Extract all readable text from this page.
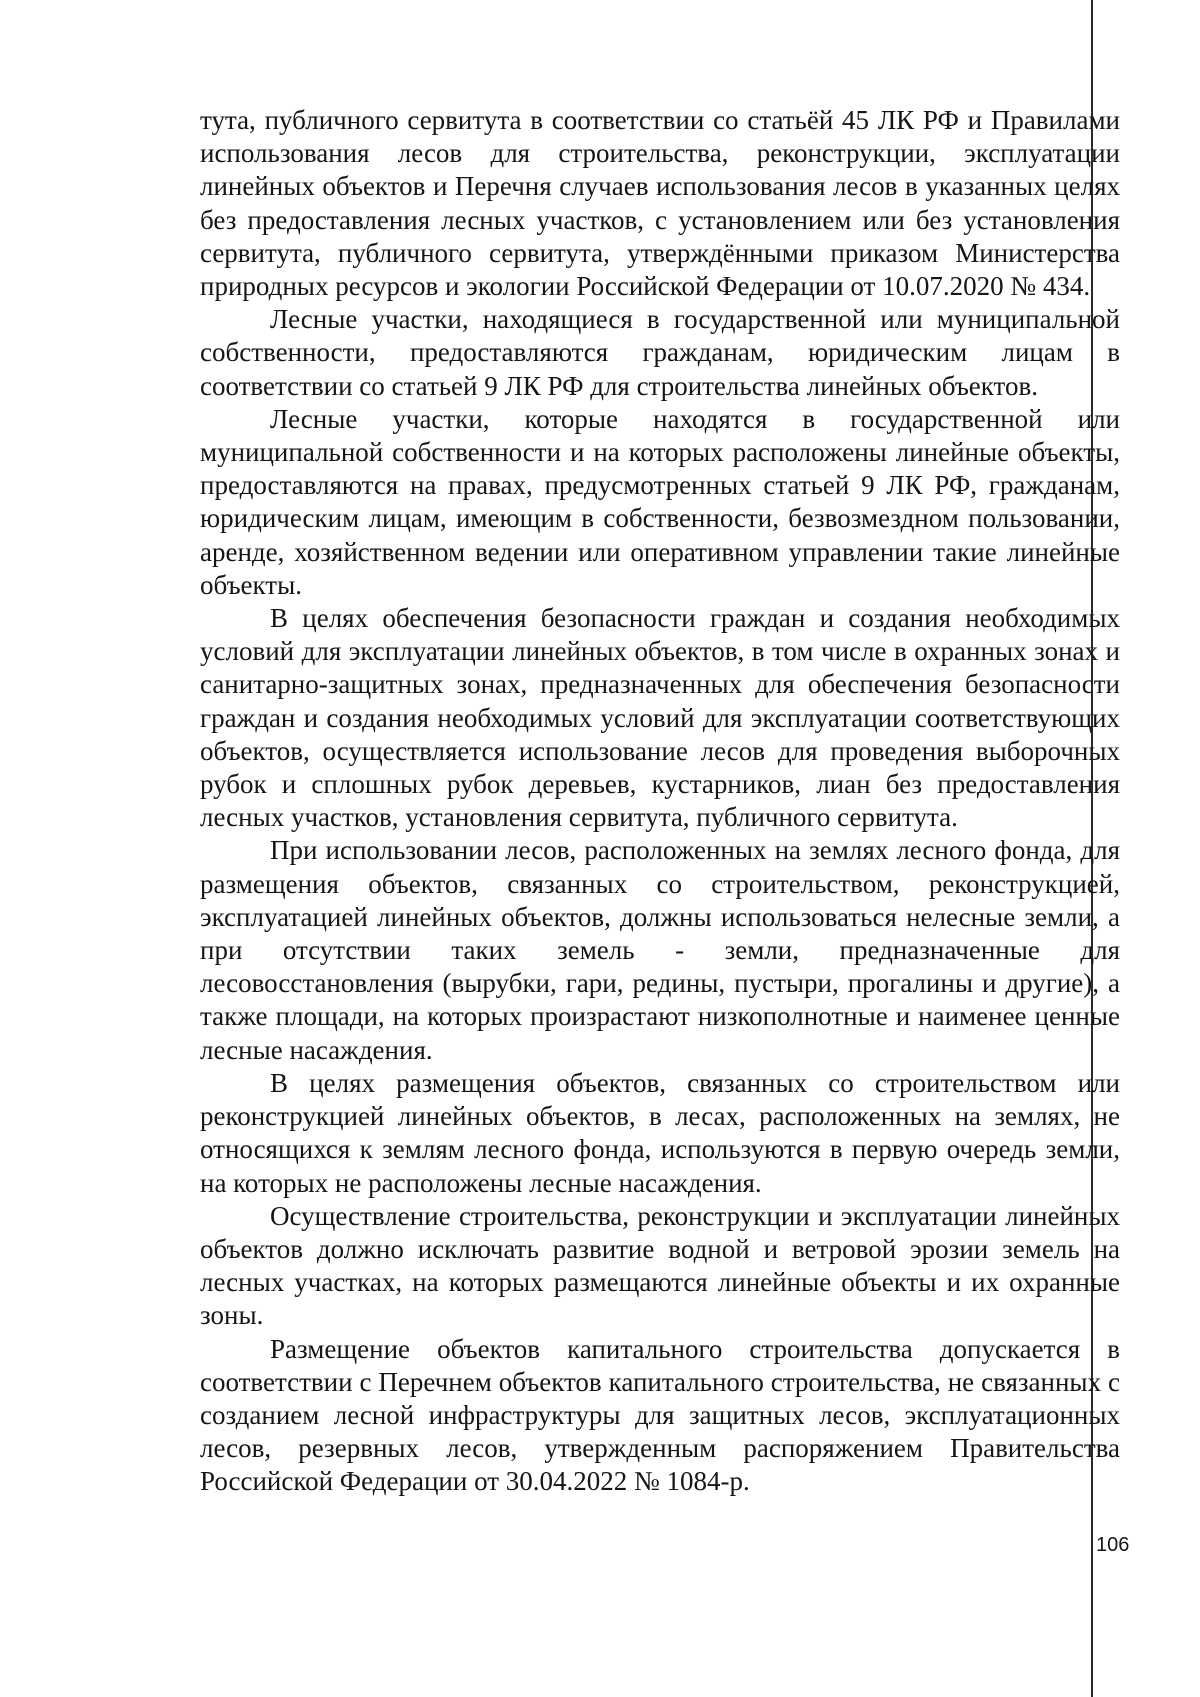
тута, публичного сервитута в соответствии со статьёй 45 ЛК РФ и Правилами использования лесов для строительства, реконструкции, эксплуатации линейных объектов и Перечня случаев использования лесов в указанных целях без предоставления лесных участков, с установлением или без установления сервитута, публичного сервитута, утверждёнными приказом Министерства природных ресурсов и экологии Российской Федерации от 10.07.2020 № 434.

Лесные участки, находящиеся в государственной или муниципальной собственности, предоставляются гражданам, юридическим лицам в соответствии со статьей 9 ЛК РФ для строительства линейных объектов.

Лесные участки, которые находятся в государственной или муниципальной собственности и на которых расположены линейные объекты, предоставляются на правах, предусмотренных статьей 9 ЛК РФ, гражданам, юридическим лицам, имеющим в собственности, безвозмездном пользовании, аренде, хозяйственном ведении или оперативном управлении такие линейные объекты.

В целях обеспечения безопасности граждан и создания необходимых условий для эксплуатации линейных объектов, в том числе в охранных зонах и санитарно-защитных зонах, предназначенных для обеспечения безопасности граждан и создания необходимых условий для эксплуатации соответствующих объектов, осуществляется использование лесов для проведения выборочных рубок и сплошных рубок деревьев, кустарников, лиан без предоставления лесных участков, установления сервитута, публичного сервитута.

При использовании лесов, расположенных на землях лесного фонда, для размещения объектов, связанных со строительством, реконструкцией, эксплуатацией линейных объектов, должны использоваться нелесные земли, а при отсутствии таких земель - земли, предназначенные для лесовосстановления (вырубки, гари, редины, пустыри, прогалины и другие), а также площади, на которых произрастают низкополнотные и наименее ценные лесные насаждения.

В целях размещения объектов, связанных со строительством или реконструкцией линейных объектов, в лесах, расположенных на землях, не относящихся к землям лесного фонда, используются в первую очередь земли, на которых не расположены лесные насаждения.

Осуществление строительства, реконструкции и эксплуатации линейных объектов должно исключать развитие водной и ветровой эрозии земель на лесных участках, на которых размещаются линейные объекты и их охранные зоны.

Размещение объектов капитального строительства допускается в соответствии с Перечнем объектов капитального строительства, не связанных с созданием лесной инфраструктуры для защитных лесов, эксплуатационных лесов, резервных лесов, утвержденным распоряжением Правительства Российской Федерации от 30.04.2022 № 1084-р.

106
